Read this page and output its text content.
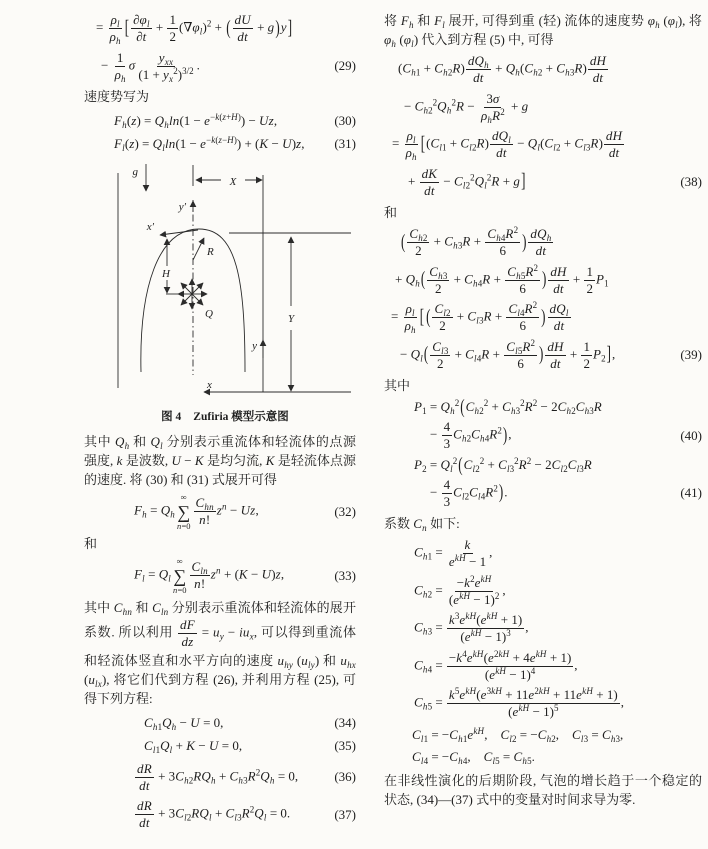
= $\frac{\rho_l}{\rho_h}$ [ $\frac{\partial\varphi_l}{\partial t} + \frac{1}{2} (\nabla\varphi_l)^2$ + ( $\frac{dU}{dt} + g)y$]
− $\frac{1}{\rho_h}$ σ
$y_{xx}$
$(1 + y_x^2)^{3/2}$ .	(29)
速度势写为
$F_h(z) = Q_h\ln(1 - e^{-k(z+H)}) - Uz$,	(30)
$F_l(z) = Q_l\ln(1 - e^{-k(z-H)}) + (K - U)z$,	(31)
g
X
y′
x′
R
H
Q	Y
y
x
图 4 Zufiria 模型示意图
其中 $Q_h$ 和 $Q_l$ 分别表示重流体和轻流体的点源强度, k 是波数, U − K 是均匀流, K 是轻流体点源的速度. 将 (30) 和 (31) 式展开可得
$F_h = Q_h$
∞
∑
n=0
$C_{hn}$
n!
$z^n - Uz$,	(32)
和
$F_l = Q_l$
∞
∑
$n=0 \frac{C_{ln}}{n!} z^n + (K - U)z$,	(33)
其中 $C_{hn}$ 和 $C_{ln}$ 分别表示重流体和轻流体的展开系数. 所以利用 $\frac{dF}{dz} = u_y - iu_x$, 可以得到重流体和轻流体竖直和水平方向的速度 $u_{hy}$ $(u_{ly})$ 和 $u_{hx}$ $(u_{lx})$, 将它们代到方程 (26), 并利用方程 (25), 可得下列方程:
$C_{h1}Q_h - U = 0$,	(34)
$C_{l1}Q_l + K - U = 0$,	(35)
$\frac{dR}{dt} + 3C_{h2}RQ_h + C_{h3}R^2Q_h = 0$,	(36)
$\frac{dR}{dt} + 3C_{l2}RQ_l + C_{l3}R^2Q_l = 0$.	(37)
将 $F_h$ 和 $F_l$ 展开, 可得到重 (轻) 流体的速度势 $\varphi_h$ $(\varphi_l)$, 将 $\varphi_h$ $(\varphi_l)$ 代入到方程 (5) 中, 可得
$(C_{h1} + C_{h2}R)$
$dQ_h$
dt
+ $Q_h(C_{h2} + C_{h3}R) \frac{dH}{dt}$
− $C_{h2}^2Q_h^2R$ −
3σ
$\rho_hR^2 + g$
= $\frac{\rho_l}{\rho_h} [(C_{l1} + C_{l2}R)$
$dQ_l$
dt
− $Q_l(C_{l2} + C_{l3}R) \frac{dH}{dt}$
+ $\frac{dK}{dt} - C_{l2}^2Q_l^2R + g$]	(38)
和
( $\frac{C_{h2}}{2} + C_{h3}R + \frac{C_{h4}R^2}{6}$ ) $dQ_h$
dt
+ $Q_h( \frac{C_{h3}}{2} + C_{h4}R + \frac{C_{h5}R^2}{6}$ ) $\frac{dH}{dt} + \frac{1}{2} P_1$
= $\frac{\rho_l}{\rho_h}$ [ ( $\frac{C_{l2}}{2} + C_{l3}R + \frac{C_{l4}R^2}{6}$ ) $dQ_l$
dt
− $Q_l( \frac{C_{l3}}{2} + C_{l4}R + \frac{C_{l5}R^2}{6}$ ) $\frac{dH}{dt} + \frac{1}{2} P_2$],	(39)
其中
$P_1 = Q_h^2(C_{h2}^2 + C_{h3}^2R^2 - 2C_{h2}C_{h3}R$
− $\frac{4}{3} C_{h2}C_{h4}R^2$),	(40)
$P_2 = Q_l^2(C_{l2}^2 + C_{l3}^2R^2 - 2C_{l2}C_{l3}R$
− $\frac{4}{3} C_{l2}C_{l4}R^2$).	(41)
系数 $C_n$ 如下:
$C_{h1}$ =
k
$e^{kH} - 1$
,
$C_{h2}$ =
$-k^2e^{kH}$
$(e^{kH} - 1)^2$ ,
$C_{h3}$ =
$k^3e^{kH}(e^{kH} + 1)$
$(e^{kH} - 1)^3$ ,
$C_{h4}$ =
$-k^4e^{kH}(e^{2kH} + 4e^{kH} + 1)$
$(e^{kH} - 1)^4$	,
$C_{h5}$ =
$k^5e^{kH}(e^{3kH} + 11e^{2kH} + 11e^{kH} + 1)$
$(e^{kH} - 1)^5$	,
$C_{l1} = -C_{h1}e^{kH}$, $C_{l2} = -C_{h2}$, $C_{l3} = C_{h3}$,
$C_{l4} = -C_{h4}$, $C_{l5} = C_{h5}$.
在非线性演化的后期阶段, 气泡的增长趋于一个稳定的状态, (34)—(37) 式中的变量对时间求导为零.
